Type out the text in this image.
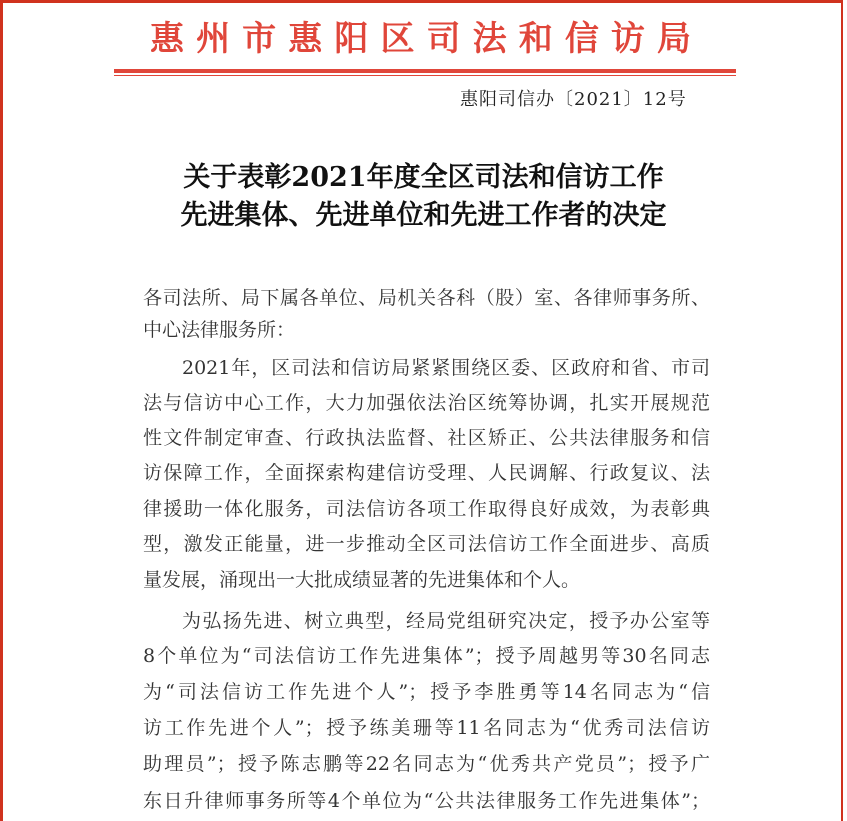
惠州市惠阳区司法和信访局
惠阳司信办〔2021〕12号
关于表彰2021年度全区司法和信访工作
先进集体、先进单位和先进工作者的决定
各司法所、局下属各单位、局机关各科（股）室、各律师事务所、
中心法律服务所：
2021年，区司法和信访局紧紧围绕区委、区政府和省、市司
法与信访中心工作，大力加强依法治区统筹协调，扎实开展规范
性文件制定审查、行政执法监督、社区矫正、公共法律服务和信
访保障工作，全面探索构建信访受理、人民调解、行政复议、法
律援助一体化服务，司法信访各项工作取得良好成效，为表彰典
型，激发正能量，进一步推动全区司法信访工作全面进步、高质
量发展，涌现出一大批成绩显著的先进集体和个人。
为弘扬先进、树立典型，经局党组研究决定，授予办公室等
8个单位为“司法信访工作先进集体”；授予周越男等30名同志
为“司法信访工作先进个人”；授予李胜勇等14名同志为“信
访工作先进个人”；授予练美珊等11名同志为“优秀司法信访
助理员”；授予陈志鹏等22名同志为“优秀共产党员”；授予广
东日升律师事务所等4个单位为“公共法律服务工作先进集体”；
